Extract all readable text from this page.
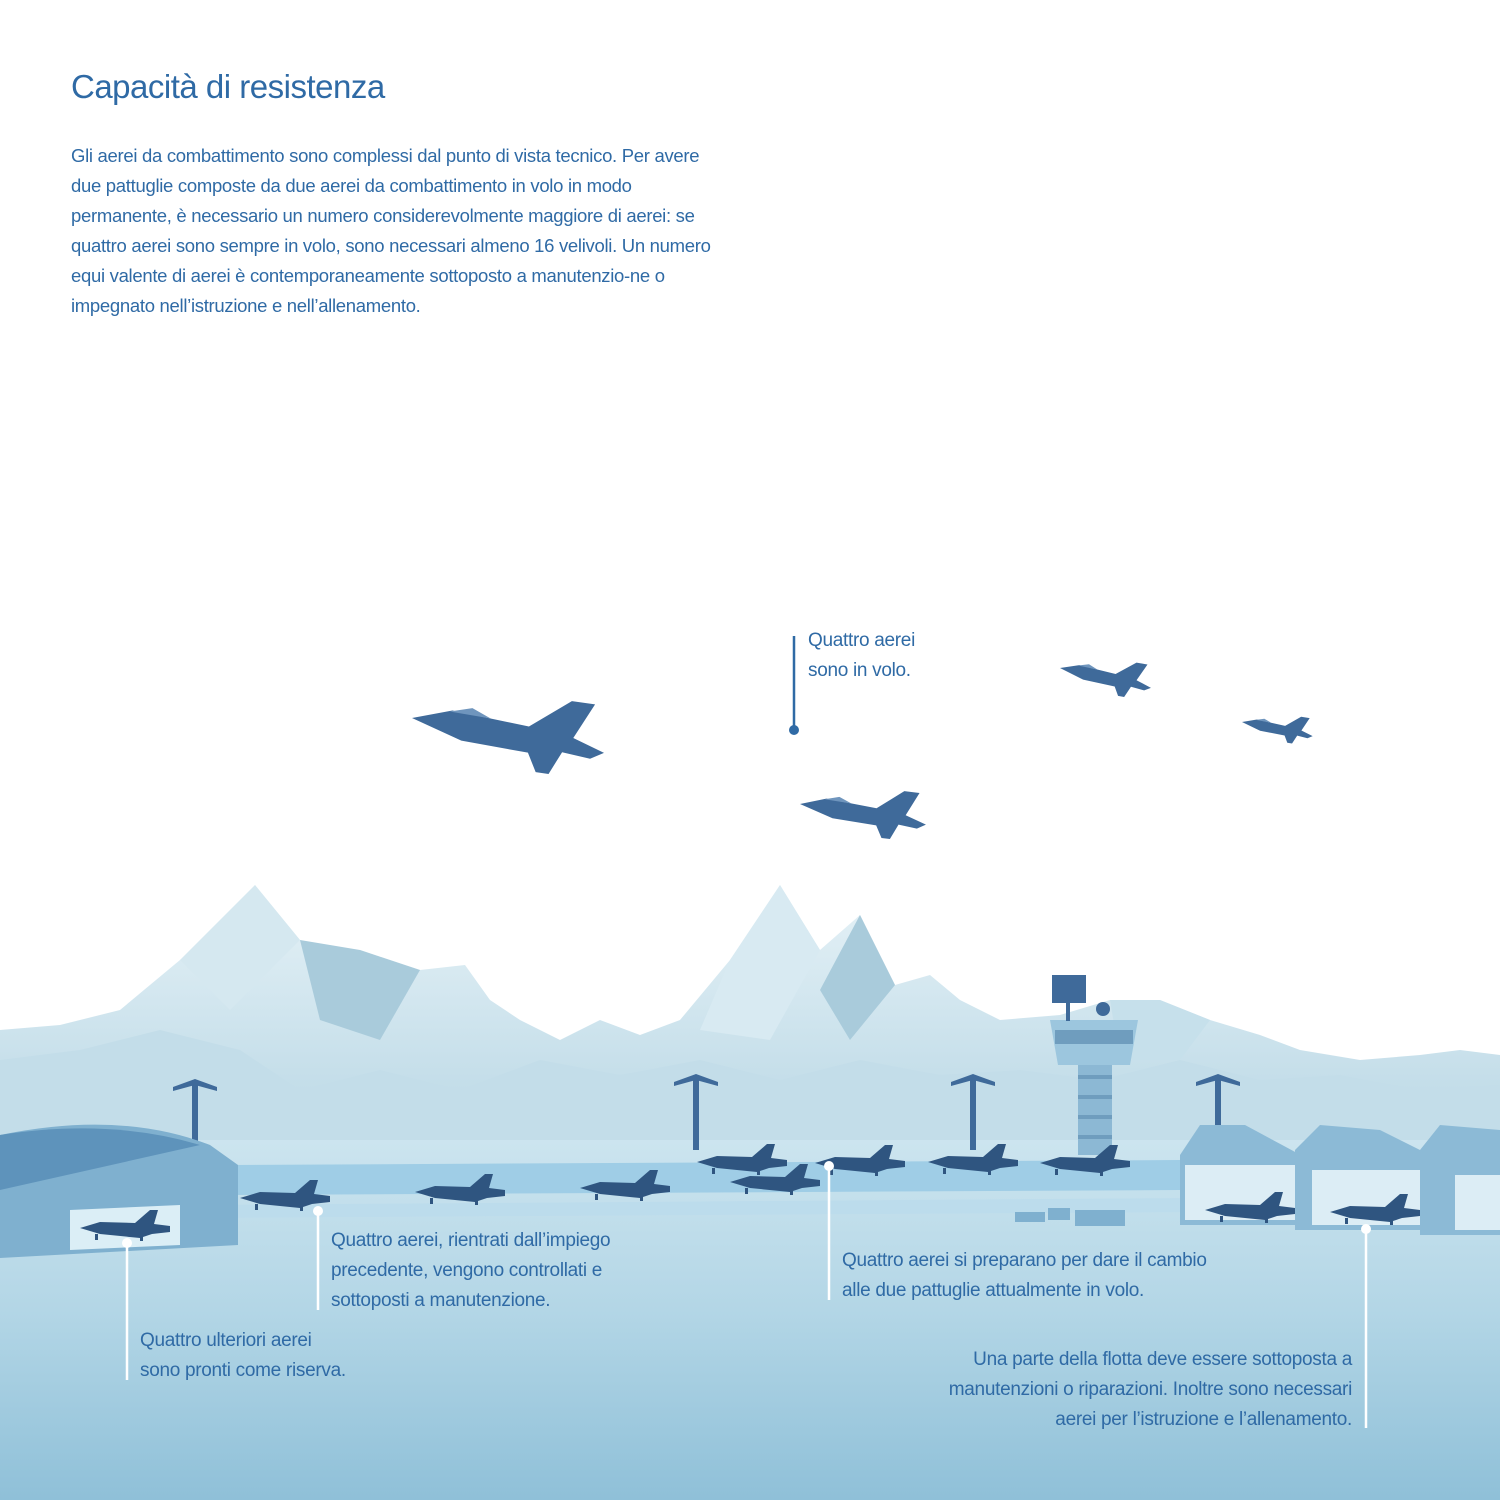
Capacità di resistenza

Gli aerei da combattimento sono complessi dal punto di vista tecnico. Per avere due pattuglie composte da due aerei da combattimento in volo in modo permanente, è necessario un numero considerevolmente maggiore di aerei: se quattro aerei sono sempre in volo, sono necessari almeno 16 velivoli. Un numero equi valente di aerei è contemporaneamente sottoposto a manutenzio-ne o impegnato nell’istruzione e nell’allenamento.

Quattro aerei sono in volo.

Quattro aerei, rientrati dall’impiego precedente, vengono controllati e sottoposti a manutenzione.

Quattro ulteriori aerei sono pronti come riserva.

Quattro aerei si preparano per dare il cambio alle due pattuglie attualmente in volo.

Una parte della flotta deve essere sottoposta a manutenzioni o riparazioni. Inoltre sono necessari aerei per l’istruzione e l’allenamento.
